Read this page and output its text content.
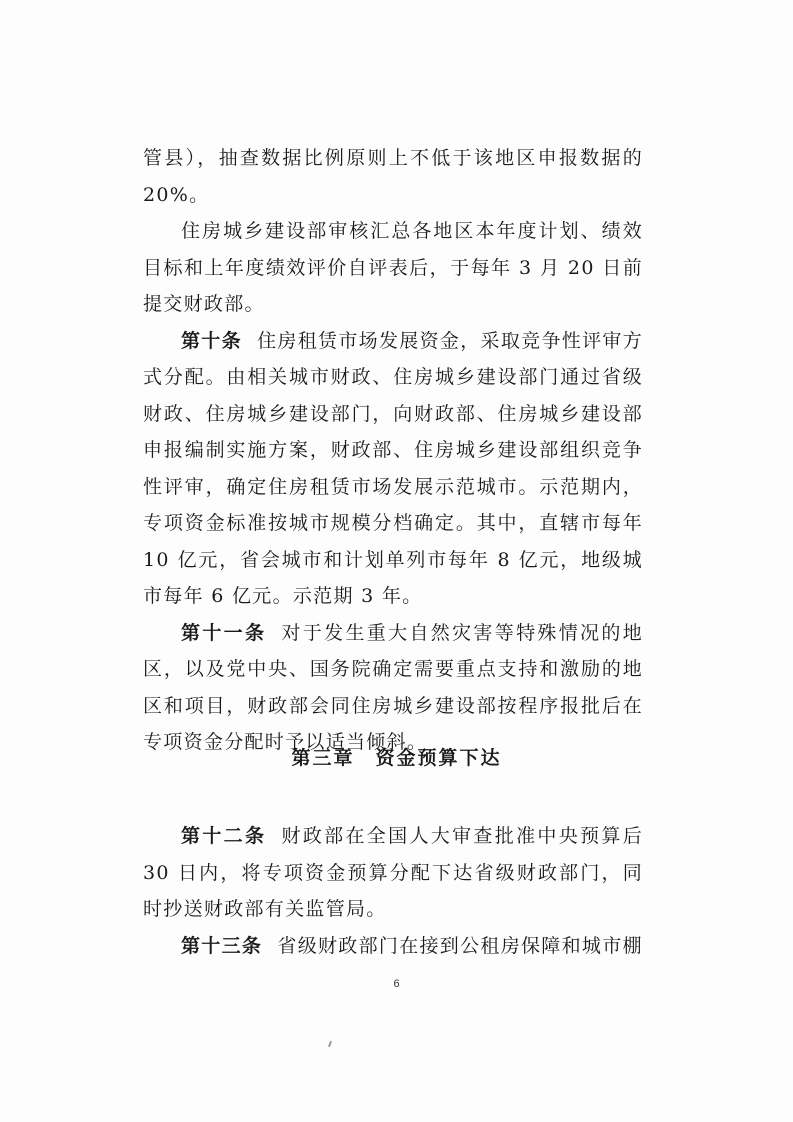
管县），抽查数据比例原则上不低于该地区申报数据的 20%。

住房城乡建设部审核汇总各地区本年度计划、绩效目标和上年度绩效评价自评表后，于每年 3 月 20 日前提交财政部。

第十条 住房租赁市场发展资金，采取竞争性评审方式分配。由相关城市财政、住房城乡建设部门通过省级财政、住房城乡建设部门，向财政部、住房城乡建设部申报编制实施方案，财政部、住房城乡建设部组织竞争性评审，确定住房租赁市场发展示范城市。示范期内，专项资金标准按城市规模分档确定。其中，直辖市每年 10 亿元，省会城市和计划单列市每年 8 亿元，地级城市每年 6 亿元。示范期 3 年。

第十一条 对于发生重大自然灾害等特殊情况的地区，以及党中央、国务院确定需要重点支持和激励的地区和项目，财政部会同住房城乡建设部按程序报批后在专项资金分配时予以适当倾斜。

第三章　资金预算下达

第十二条 财政部在全国人大审查批准中央预算后 30 日内，将专项资金预算分配下达省级财政部门，同时抄送财政部有关监管局。

第十三条 省级财政部门在接到公租房保障和城市棚

6
